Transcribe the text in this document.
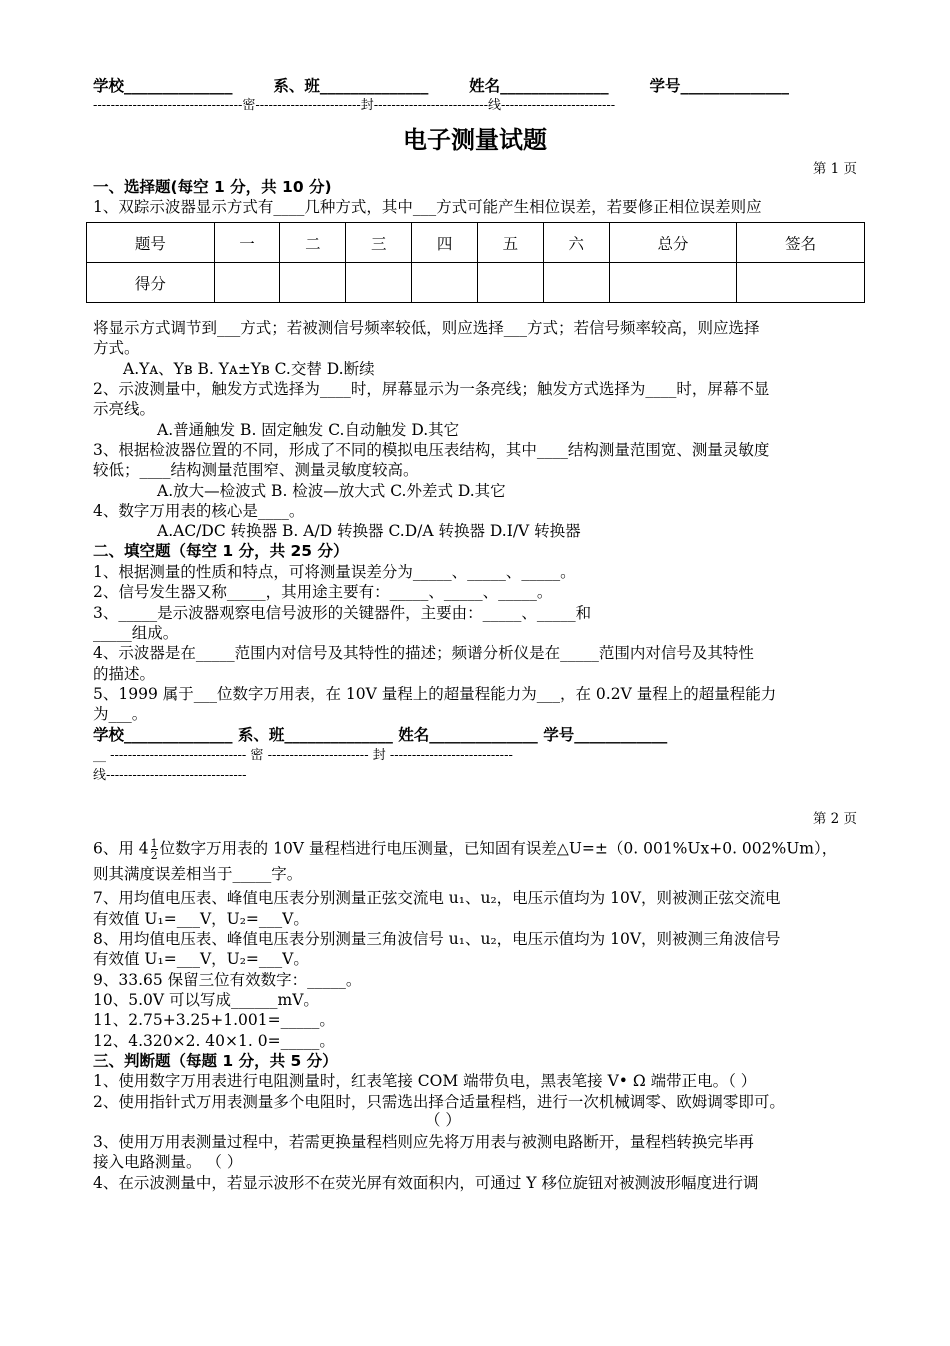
学校______________	系、班______________	姓名______________	学号______________
----------------------------------密------------------------封--------------------------线--------------------------
电子测量试题
第 1 页
一、选择题(每空 1 分，共 10 分)
1、双踪示波器显示方式有____几种方式，其中___方式可能产生相位误差，若要修正相位误差则应
题号	一	二	三	四	五	六	总分	签名
得分								
将显示方式调节到___方式；若被测信号频率较低，则应选择___方式；若信号频率较高，则应选择
方式。
A.Yᴀ、Yʙ B. Yᴀ±Yʙ C.交替 D.断续
2、示波测量中，触发方式选择为____时，屏幕显示为一条亮线；触发方式选择为____时，屏幕不显
示亮线。
A.普通触发 B. 固定触发 C.自动触发 D.其它
3、根据检波器位置的不同，形成了不同的模拟电压表结构，其中____结构测量范围宽、测量灵敏度
较低；____结构测量范围窄、测量灵敏度较高。
A.放大—检波式 B. 检波—放大式 C.外差式 D.其它
4、数字万用表的核心是____。
A.AC/DC 转换器 B. A/D 转换器 C.D/A 转换器 D.I/V 转换器
二、填空题（每空 1 分，共 25 分）
1、根据测量的性质和特点，可将测量误差分为_____、_____、_____。
2、信号发生器又称_____，其用途主要有：_____、_____、_____。
3、_____是示波器观察电信号波形的关键器件，主要由：_____、_____和
_____组成。
4、示波器是在_____范围内对信号及其特性的描述；频谱分析仪是在_____范围内对信号及其特性
的描述。
5、1999 属于___位数字万用表，在 10V 量程上的超量程能力为___，在 0.2V 量程上的超量程能力
为___。
学校______________ 系、班______________ 姓名______________ 学号____________
__ ------------------------------- 密 ----------------------- 封 ----------------------------
线--------------------------------
第 2 页
6、用 $4 \frac{1}{2}$ 位数字万用表的 10V 量程档进行电压测量，已知固有误差△U=±（0. 001%Ux+0. 002%Um），
则其满度误差相当于_____字。
7、用均值电压表、峰值电压表分别测量正弦交流电 u₁、u₂，电压示值均为 10V，则被测正弦交流电
有效值 U₁=___V，U₂=___V。
8、用均值电压表、峰值电压表分别测量三角波信号 u₁、u₂，电压示值均为 10V，则被测三角波信号
有效值 U₁=___V，U₂=___V。
9、33.65 保留三位有效数字：_____。
10、5.0V 可以写成______mV。
11、2.75+3.25+1.001=_____。
12、4.320×2. 40×1. 0=_____。
三、判断题（每题 1 分，共 5 分）
1、使用数字万用表进行电阻测量时，红表笔接 COM 端带负电，黑表笔接 V• Ω 端带正电。（ ）
2、使用指针式万用表测量多个电阻时，只需选出择合适量程档，进行一次机械调零、欧姆调零即可。
（ ）
3、使用万用表测量过程中，若需更换量程档则应先将万用表与被测电路断开，量程档转换完毕再
接入电路测量。 （ ）
4、在示波测量中，若显示波形不在荧光屏有效面积内，可通过 Y 移位旋钮对被测波形幅度进行调
